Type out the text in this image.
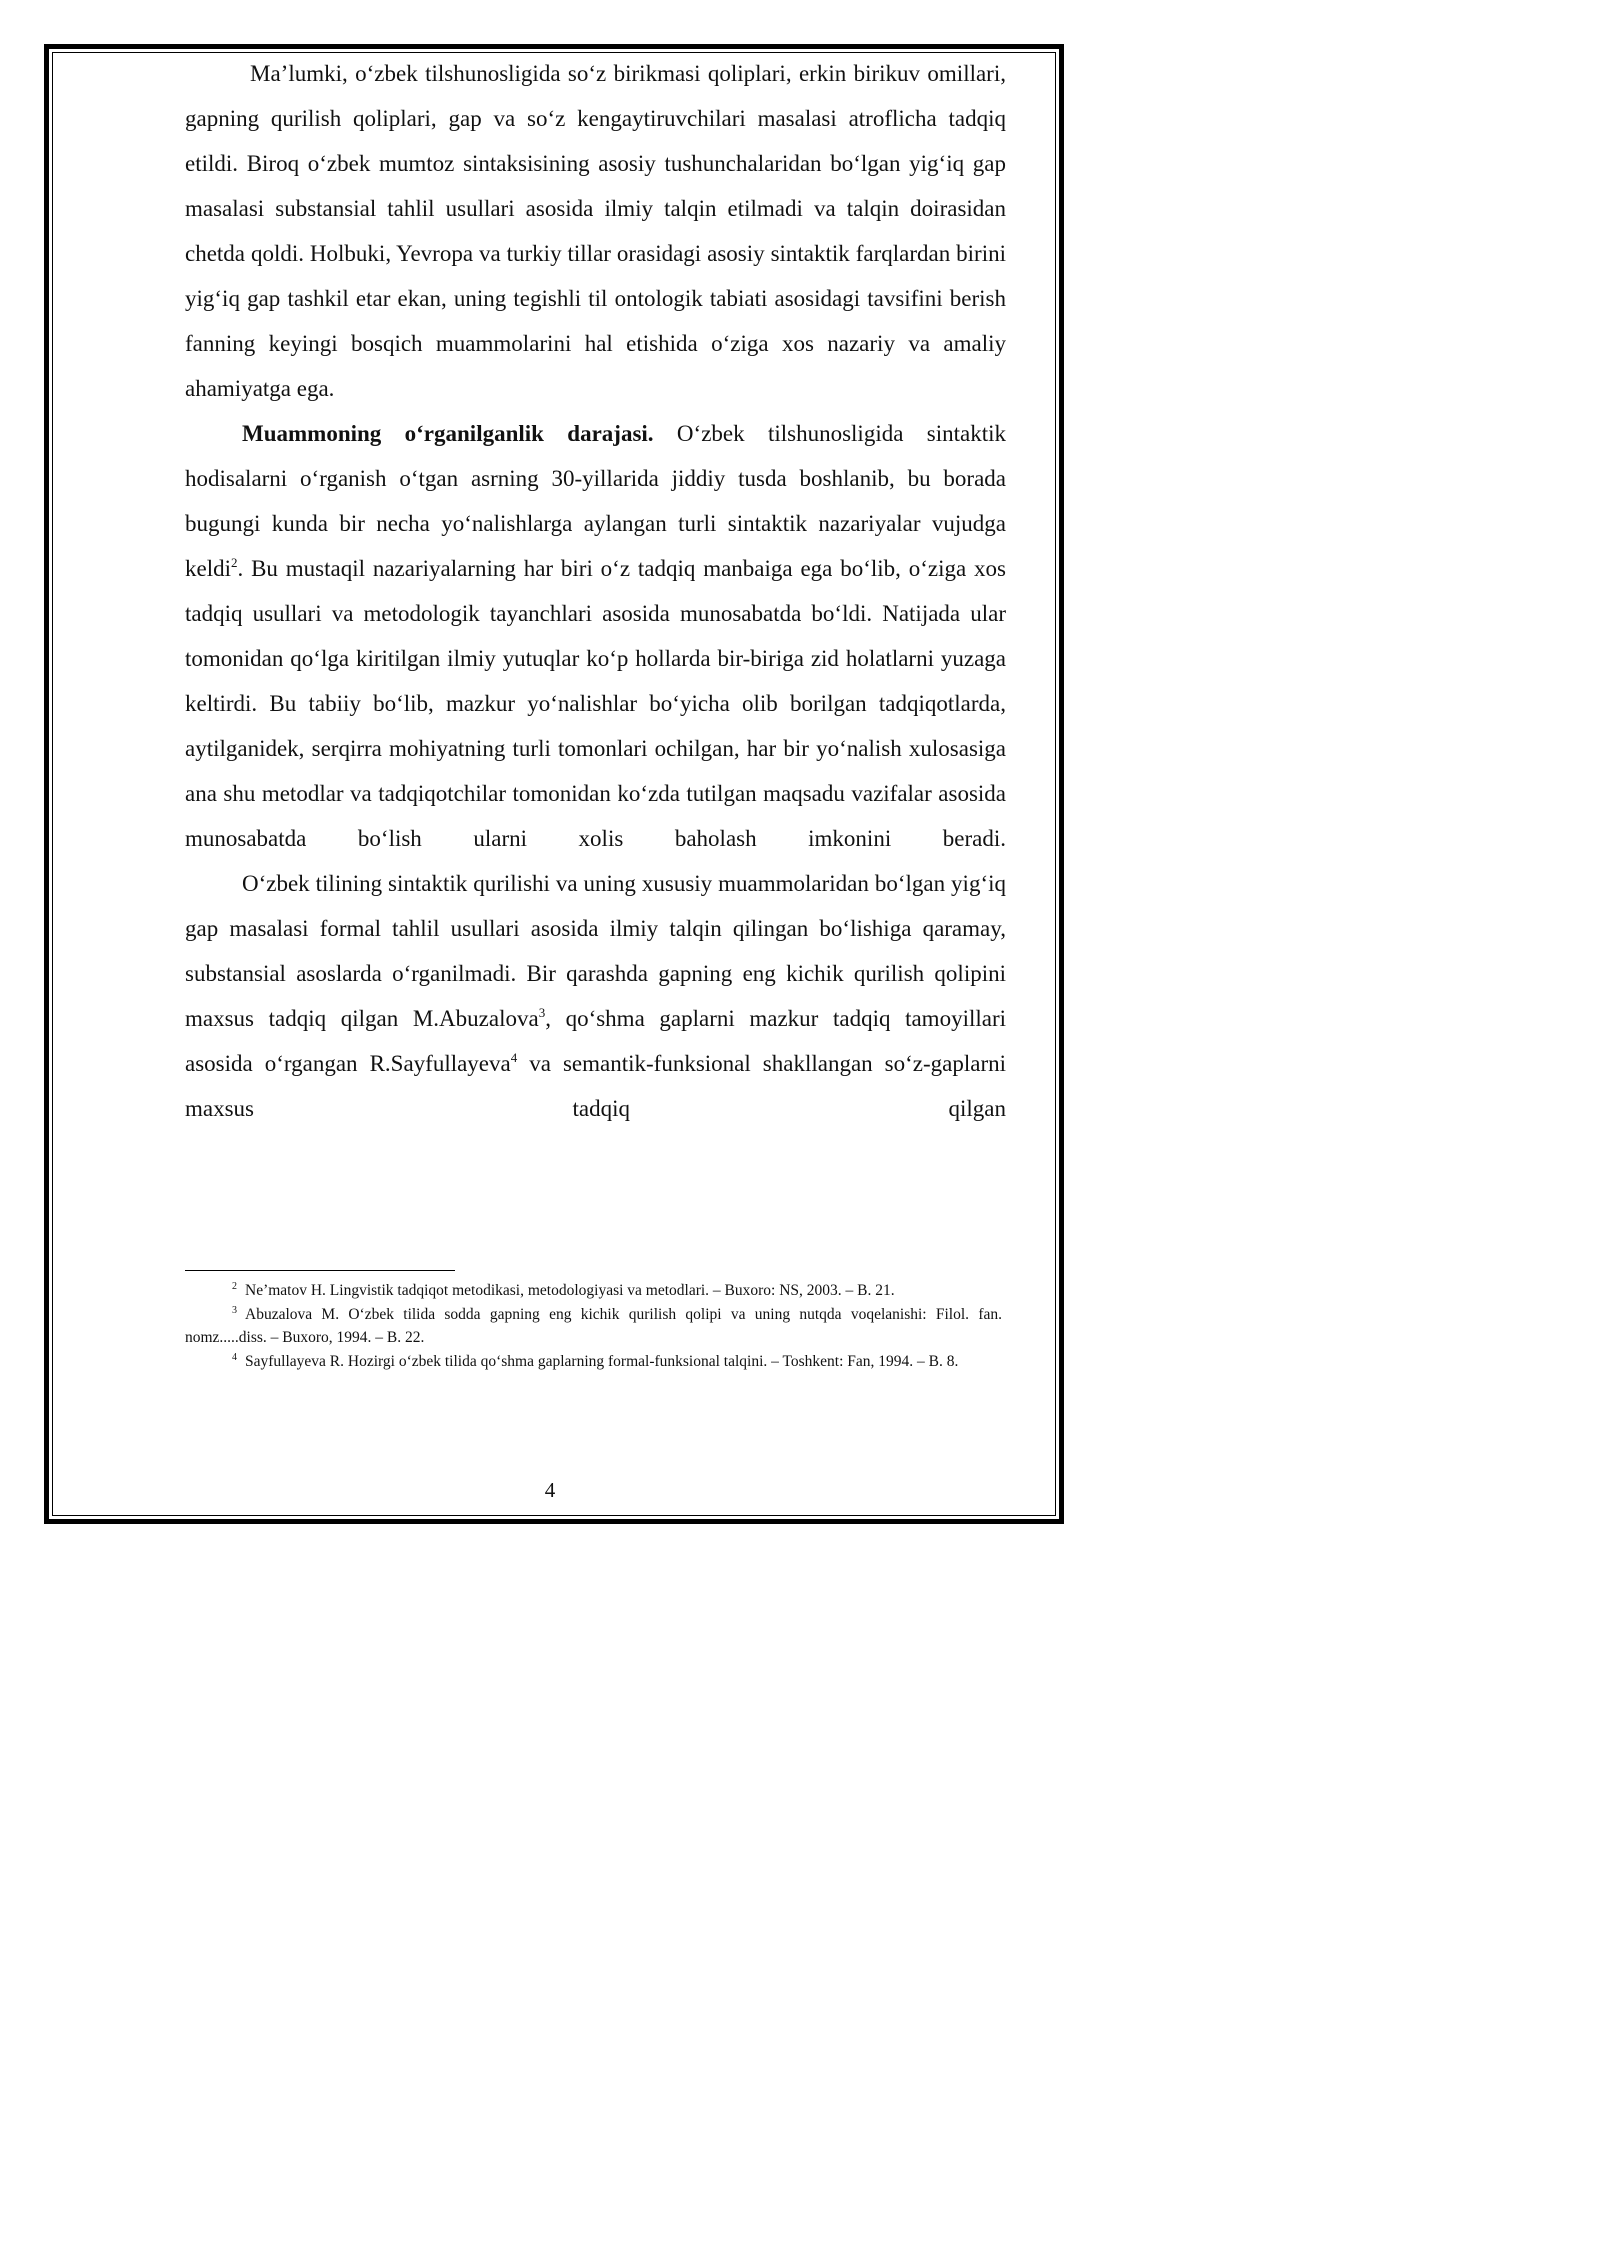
Ma’lumki, o‘zbek tilshunosligida so‘z birikmasi qoliplari, erkin birikuv omillari, gapning qurilish qoliplari, gap va so‘z kengaytiruvchilari masalasi atroflicha tadqiq etildi. Biroq o‘zbek mumtoz sintaksisining asosiy tushunchalaridan bo‘lgan yig‘iq gap masalasi substansial tahlil usullari asosida ilmiy talqin etilmadi va talqin doirasidan chetda qoldi. Holbuki, Yevropa va turkiy tillar orasidagi asosiy sintaktik farqlardan birini yig‘iq gap tashkil etar ekan, uning tegishli til ontologik tabiati asosidagi tavsifini berish fanning keyingi bosqich muammolarini hal etishida o‘ziga xos nazariy va amaliy ahamiyatga ega.

Muammoning o‘rganilganlik darajasi. O‘zbek tilshunosligida sintaktik hodisalarni o‘rganish o‘tgan asrning 30-yillarida jiddiy tusda boshlanib, bu borada bugungi kunda bir necha yo‘nalishlarga aylangan turli sintaktik nazariyalar vujudga keldi$^2$. Bu mustaqil nazariyalarning har biri o‘z tadqiq manbaiga ega bo‘lib, o‘ziga xos tadqiq usullari va metodologik tayanchlari asosida munosabatda bo‘ldi. Natijada ular tomonidan qo‘lga kiritilgan ilmiy yutuqlar ko‘p hollarda bir-biriga zid holatlarni yuzaga keltirdi. Bu tabiiy bo‘lib, mazkur yo‘nalishlar bo‘yicha olib borilgan tadqiqotlarda, aytilganidek, serqirra mohiyatning turli tomonlari ochilgan, har bir yo‘nalish xulosasiga ana shu metodlar va tadqiqotchilar tomonidan ko‘zda tutilgan maqsadu vazifalar asosida munosabatda bo‘lish ularni xolis baholash imkonini beradi.

O‘zbek tilining sintaktik qurilishi va uning xususiy muammolaridan bo‘lgan yig‘iq gap masalasi formal tahlil usullari asosida ilmiy talqin qilingan bo‘lishiga qaramay, substansial asoslarda o‘rganilmadi. Bir qarashda gapning eng kichik qurilish qolipini maxsus tadqiq qilgan M.Abuzalova$^3$, qo‘shma gaplarni mazkur tadqiq tamoyillari asosida o‘rgangan R.Sayfullayeva$^4$ va semantik-funksional shakllangan so‘z-gaplarni maxsus tadqiq qilgan

$^2$ Ne’matov H. Lingvistik tadqiqot metodikasi, metodologiyasi va metodlari. – Buxoro: NS, 2003. – B. 21.

$^3$ Abuzalova M. O‘zbek tilida sodda gapning eng kichik qurilish qolipi va uning nutqda voqelanishi: Filol. fan. nomz.....diss. – Buxoro, 1994. – B. 22.

$^4$ Sayfullayeva R. Hozirgi o‘zbek tilida qo‘shma gaplarning formal-funksional talqini. – Toshkent: Fan, 1994. – B. 8.

4
